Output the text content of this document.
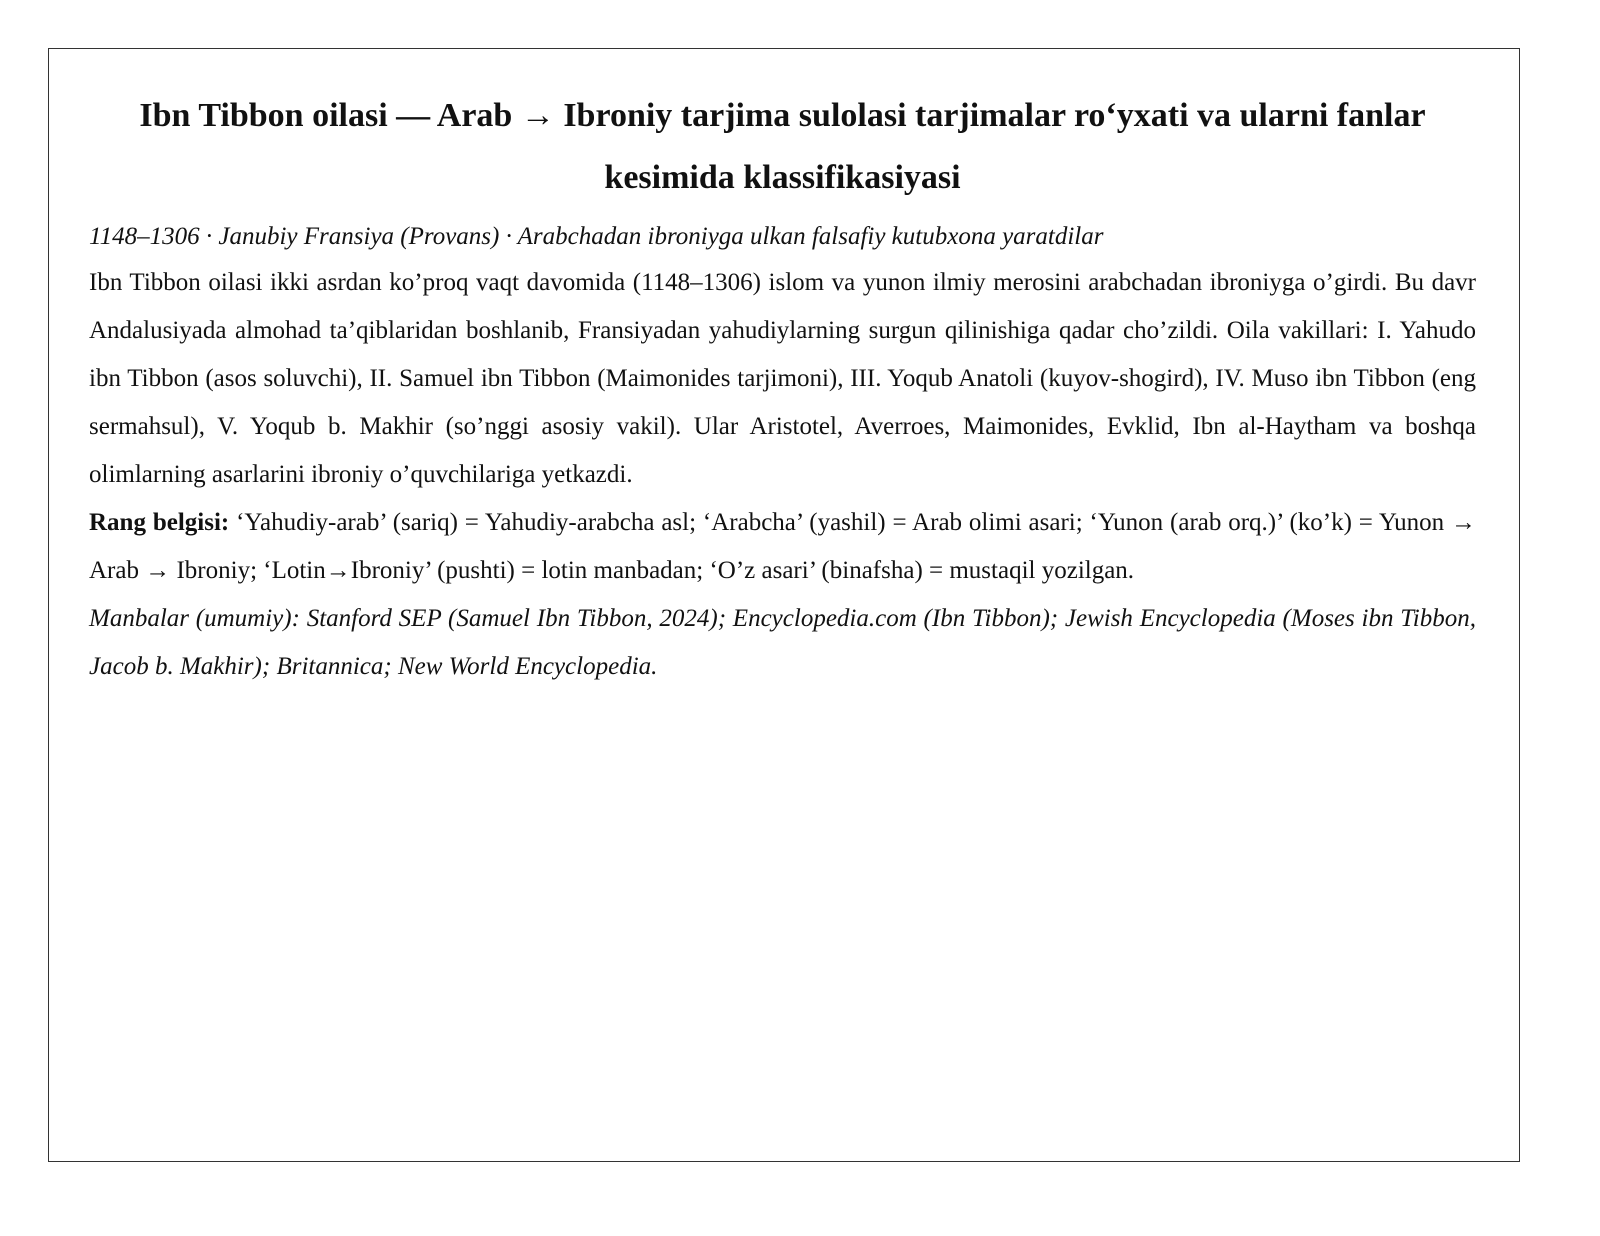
Ibn Tibbon oilasi — Arab → Ibroniy tarjima sulolasi tarjimalar ro‘yxati va ularni fanlar kesimida klassifikasiyasi

1148–1306 · Janubiy Fransiya (Provans) · Arabchadan ibroniyga ulkan falsafiy kutubxona yaratdilar

Ibn Tibbon oilasi ikki asrdan ko’proq vaqt davomida (1148–1306) islom va yunon ilmiy merosini arabchadan ibroniyga o’girdi. Bu davr Andalusiyada almohad ta’qiblaridan boshlanib, Fransiyadan yahudiylarning surgun qilinishiga qadar cho’zildi. Oila vakillari: I. Yahudo ibn Tibbon (asos soluvchi), II. Samuel ibn Tibbon (Maimonides tarjimoni), III. Yoqub Anatoli (kuyov-shogird), IV. Muso ibn Tibbon (eng sermahsul), V. Yoqub b. Makhir (so’nggi asosiy vakil). Ular Aristotel, Averroes, Maimonides, Evklid, Ibn al-Haytham va boshqa olimlarning asarlarini ibroniy o’quvchilariga yetkazdi.

Rang belgisi: ‘Yahudiy-arab’ (sariq) = Yahudiy-arabcha asl; ‘Arabcha’ (yashil) = Arab olimi asari; ‘Yunon (arab orq.)’ (ko’k) = Yunon → Arab → Ibroniy; ‘Lotin→Ibroniy’ (pushti) = lotin manbadan; ‘O’z asari’ (binafsha) = mustaqil yozilgan.

Manbalar (umumiy): Stanford SEP (Samuel Ibn Tibbon, 2024); Encyclopedia.com (Ibn Tibbon); Jewish Encyclopedia (Moses ibn Tibbon, Jacob b. Makhir); Britannica; New World Encyclopedia.
